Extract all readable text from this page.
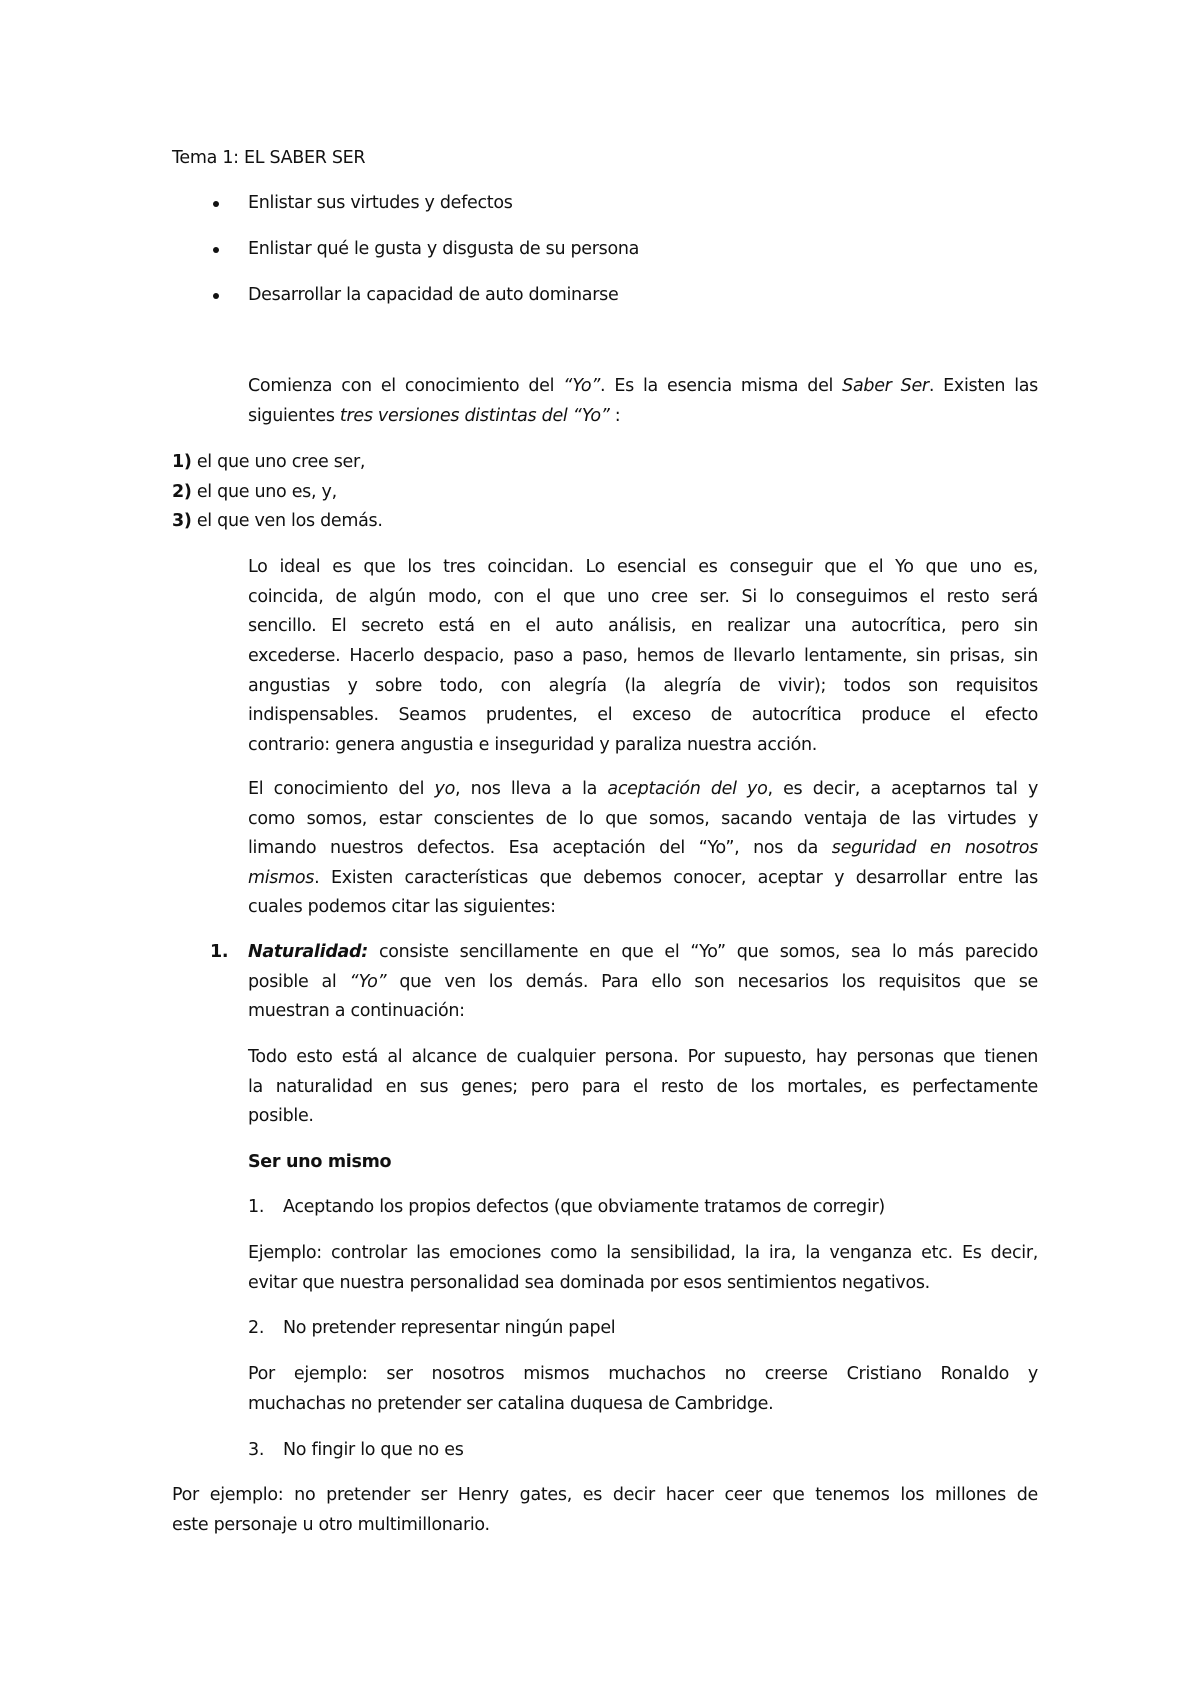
Tema 1: EL SABER SER
Enlistar sus virtudes y defectos
Enlistar qué le gusta y disgusta de su persona
Desarrollar la capacidad de auto dominarse
Comienza con el conocimiento del “Yo”. Es la esencia misma del Saber Ser. Existen las
siguientes tres versiones distintas del “Yo” :
1) el que uno cree ser,
2) el que uno es, y,
3) el que ven los demás.
Lo ideal es que los tres coincidan. Lo esencial es conseguir que el Yo que uno es,
coincida, de algún modo, con el que uno cree ser. Si lo conseguimos el resto será
sencillo. El secreto está en el auto análisis, en realizar una autocrítica, pero sin
excederse. Hacerlo despacio, paso a paso, hemos de llevarlo lentamente, sin prisas, sin
angustias y sobre todo, con alegría (la alegría de vivir); todos son requisitos
indispensables. Seamos prudentes, el exceso de autocrítica produce el efecto
contrario: genera angustia e inseguridad y paraliza nuestra acción.
El conocimiento del yo, nos lleva a la aceptación del yo, es decir, a aceptarnos tal y
como somos, estar conscientes de lo que somos, sacando ventaja de las virtudes y
limando nuestros defectos. Esa aceptación del “Yo”, nos da seguridad en nosotros
mismos. Existen características que debemos conocer, aceptar y desarrollar entre las
cuales podemos citar las siguientes:
1. Naturalidad: consiste sencillamente en que el “Yo” que somos, sea lo más parecido
posible al “Yo” que ven los demás. Para ello son necesarios los requisitos que se
muestran a continuación:
Todo esto está al alcance de cualquier persona. Por supuesto, hay personas que tienen
la naturalidad en sus genes; pero para el resto de los mortales, es perfectamente
posible.
Ser uno mismo
1. Aceptando los propios defectos (que obviamente tratamos de corregir)
Ejemplo: controlar las emociones como la sensibilidad, la ira, la venganza etc. Es decir,
evitar que nuestra personalidad sea dominada por esos sentimientos negativos.
2. No pretender representar ningún papel
Por ejemplo: ser nosotros mismos muchachos no creerse Cristiano Ronaldo y
muchachas no pretender ser catalina duquesa de Cambridge.
3. No fingir lo que no es
Por ejemplo: no pretender ser Henry gates, es decir hacer ceer que tenemos los millones de
este personaje u otro multimillonario.
